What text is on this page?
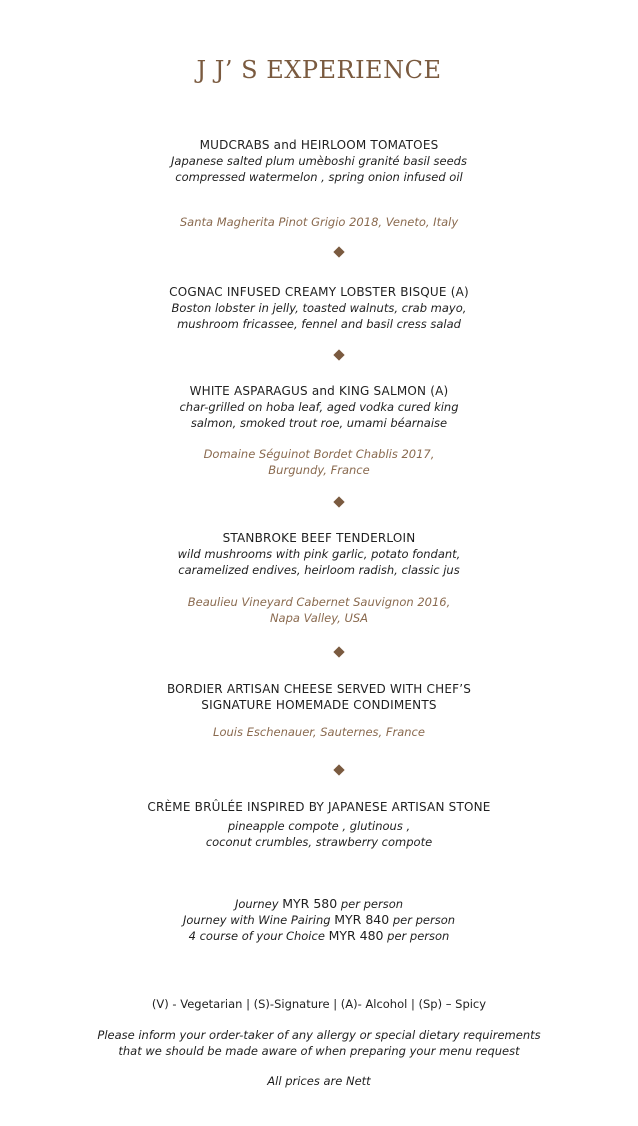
J J’ S EXPERIENCE
MUDCRABS and HEIRLOOM TOMATOES
Japanese salted plum umèboshi granité basil seeds
compressed watermelon , spring onion infused oil
Santa Magherita Pinot Grigio 2018, Veneto, Italy
COGNAC INFUSED CREAMY LOBSTER BISQUE (A)
Boston lobster in jelly, toasted walnuts, crab mayo,
mushroom fricassee, fennel and basil cress salad
WHITE ASPARAGUS and KING SALMON (A)
char-grilled on hoba leaf, aged vodka cured king
salmon, smoked trout roe, umami béarnaise
Domaine Séguinot Bordet Chablis 2017,
Burgundy, France
STANBROKE BEEF TENDERLOIN
wild mushrooms with pink garlic, potato fondant,
caramelized endives, heirloom radish, classic jus
Beaulieu Vineyard Cabernet Sauvignon 2016,
Napa Valley, USA
BORDIER ARTISAN CHEESE SERVED WITH CHEF’S
SIGNATURE HOMEMADE CONDIMENTS
Louis Eschenauer, Sauternes, France
CRÈME BRÛLÉE INSPIRED BY JAPANESE ARTISAN STONE
pineapple compote , glutinous ,
coconut crumbles, strawberry compote
Journey MYR 580 per person
Journey with Wine Pairing MYR 840 per person
4 course of your Choice MYR 480 per person
(V) - Vegetarian | (S)-Signature | (A)- Alcohol | (Sp) – Spicy
Please inform your order-taker of any allergy or special dietary requirements
that we should be made aware of when preparing your menu request
All prices are Nett
